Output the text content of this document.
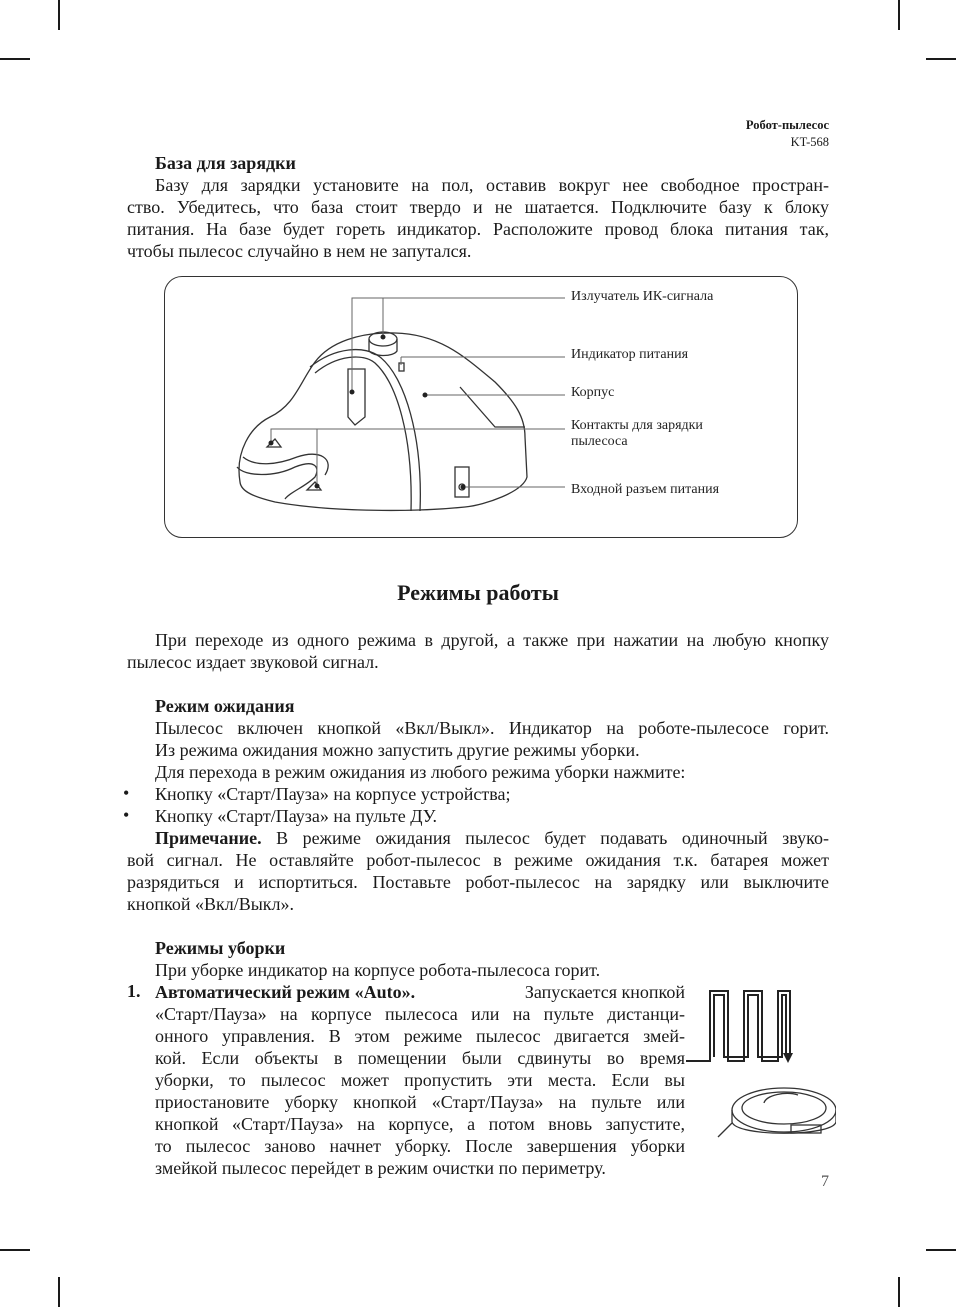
Робот-пылесос
KT-568
База для зарядки
Базу для зарядки установите на пол, оставив вокруг нее свободное простран-
ство. Убедитесь, что база стоит твердо и не шатается. Подключите базу к блоку
питания. На базе будет гореть индикатор. Расположите провод блока питания так,
чтобы пылесос случайно в нем не запутался.
Излучатель ИК-сигнала
Индикатор питания
Корпус
Контакты для зарядки
пылесоса
Входной разъем питания
Режимы работы
При переходе из одного режима в другой, а также при нажатии на любую кнопку
пылесос издает звуковой сигнал.
Режим ожидания
Пылесос включен кнопкой «Вкл/Выкл». Индикатор на роботе-пылесосе горит.
Из режима ожидания можно запустить другие режимы уборки.
Для перехода в режим ожидания из любого режима уборки нажмите:
Кнопку «Старт/Пауза» на корпусе устройства;
Кнопку «Старт/Пауза» на пульте ДУ.
Примечание. В режиме ожидания пылесос будет подавать одиночный звуко-
вой сигнал. Не оставляйте робот-пылесос в режиме ожидания т.к. батарея может
разрядиться и испортиться. Поставьте робот-пылесос на зарядку или выключите
кнопкой «Вкл/Выкл».
•
•
Режимы уборки
При уборке индикатор на корпусе робота-пылесоса горит.
1. Автоматический режим «Auto».	Запускается кнопкой
«Старт/Пауза» на корпусе пылесоса или на пульте дистанци-
онного управления. В этом режиме пылесос двигается змей-
кой. Если объекты в помещении были сдвинуты во время
уборки, то пылесос может пропустить эти места. Если вы
приостановите уборку кнопкой «Старт/Пауза» на пульте или
кнопкой «Старт/Пауза» на корпусе, а потом вновь запустите,
то пылесос заново начнет уборку. После завершения уборки
змейкой пылесос перейдет в режим очистки по периметру.
7
